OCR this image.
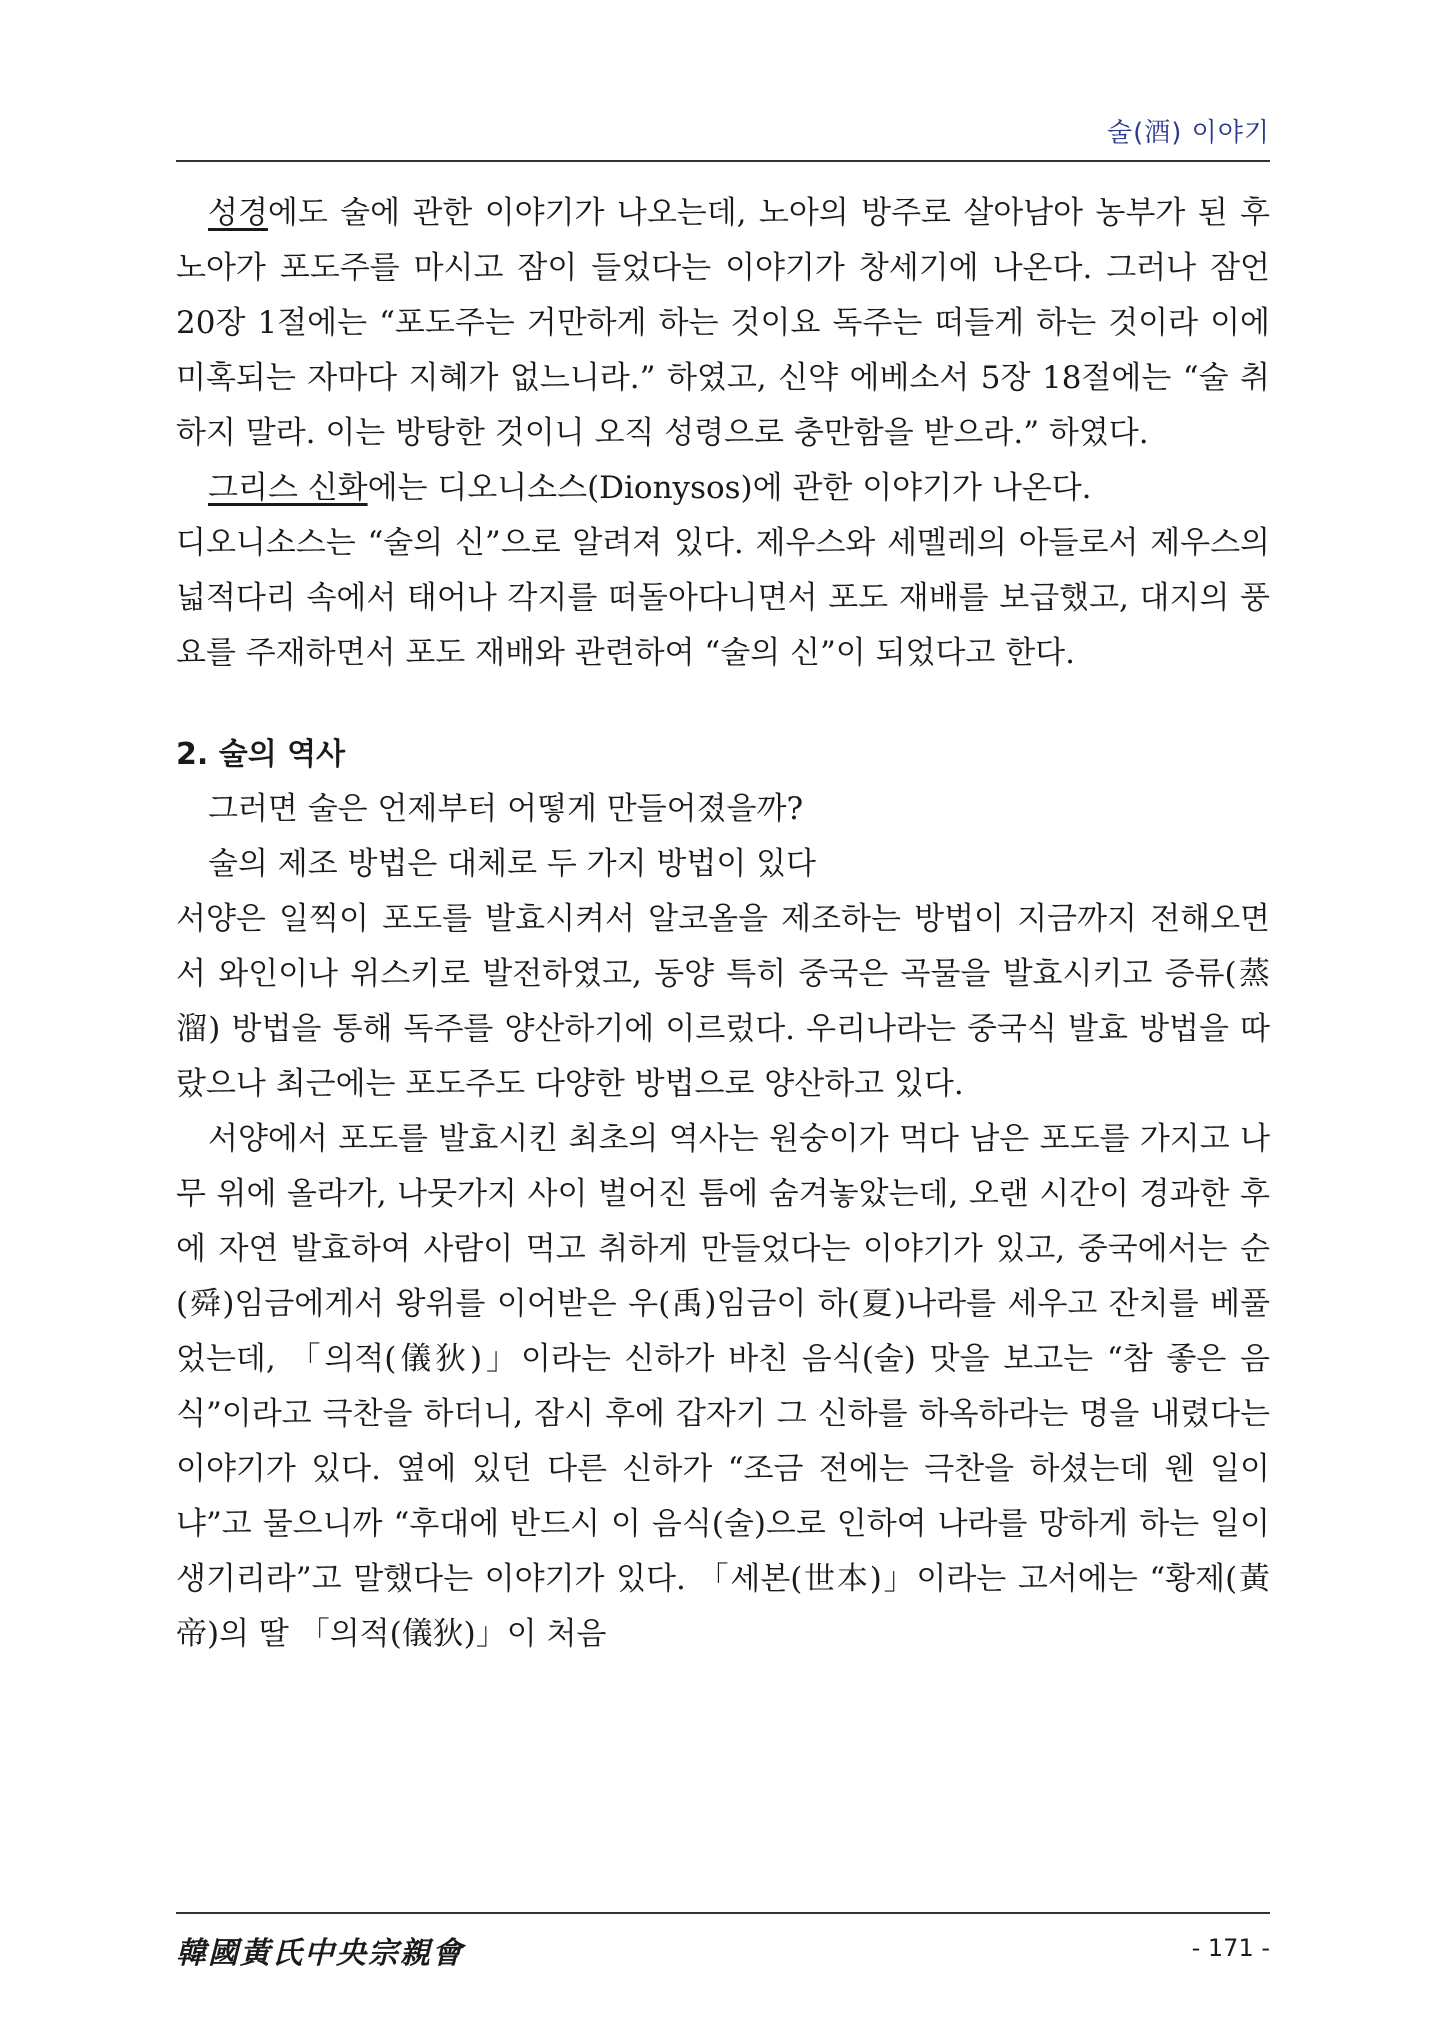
술(酒) 이야기

성경에도 술에 관한 이야기가 나오는데, 노아의 방주로 살아남아 농부가 된 후 노아가 포도주를 마시고 잠이 들었다는 이야기가 창세기에 나온다. 그러나 잠언 20장 1절에는 “포도주는 거만하게 하는 것이요 독주는 떠들게 하는 것이라 이에 미혹되는 자마다 지혜가 없느니라.” 하였고, 신약 에베소서 5장 18절에는 “술 취하지 말라. 이는 방탕한 것이니 오직 성령으로 충만함을 받으라.” 하였다.

그리스 신화에는 디오니소스(Dionysos)에 관한 이야기가 나온다.

디오니소스는 “술의 신”으로 알려져 있다. 제우스와 세멜레의 아들로서 제우스의 넓적다리 속에서 태어나 각지를 떠돌아다니면서 포도 재배를 보급했고, 대지의 풍요를 주재하면서 포도 재배와 관련하여 “술의 신”이 되었다고 한다.

2. 술의 역사

그러면 술은 언제부터 어떻게 만들어졌을까?

술의 제조 방법은 대체로 두 가지 방법이 있다

서양은 일찍이 포도를 발효시켜서 알코올을 제조하는 방법이 지금까지 전해오면서 와인이나 위스키로 발전하였고, 동양 특히 중국은 곡물을 발효시키고 증류(蒸溜) 방법을 통해 독주를 양산하기에 이르렀다. 우리나라는 중국식 발효 방법을 따랐으나 최근에는 포도주도 다양한 방법으로 양산하고 있다.

서양에서 포도를 발효시킨 최초의 역사는 원숭이가 먹다 남은 포도를 가지고 나무 위에 올라가, 나뭇가지 사이 벌어진 틈에 숨겨놓았는데, 오랜 시간이 경과한 후에 자연 발효하여 사람이 먹고 취하게 만들었다는 이야기가 있고, 중국에서는 순(舜)임금에게서 왕위를 이어받은 우(禹)임금이 하(夏)나라를 세우고 잔치를 베풀었는데, 「의적(儀狄)」이라는 신하가 바친 음식(술) 맛을 보고는 “참 좋은 음식”이라고 극찬을 하더니, 잠시 후에 갑자기 그 신하를 하옥하라는 명을 내렸다는 이야기가 있다. 옆에 있던 다른 신하가 “조금 전에는 극찬을 하셨는데 웬 일이냐”고 물으니까 “후대에 반드시 이 음식(술)으로 인하여 나라를 망하게 하는 일이 생기리라”고 말했다는 이야기가 있다. 「세본(世本)」이라는 고서에는 “황제(黃帝)의 딸 「의적(儀狄)」이 처음

韓國黃氏中央宗親會	- 171 -
